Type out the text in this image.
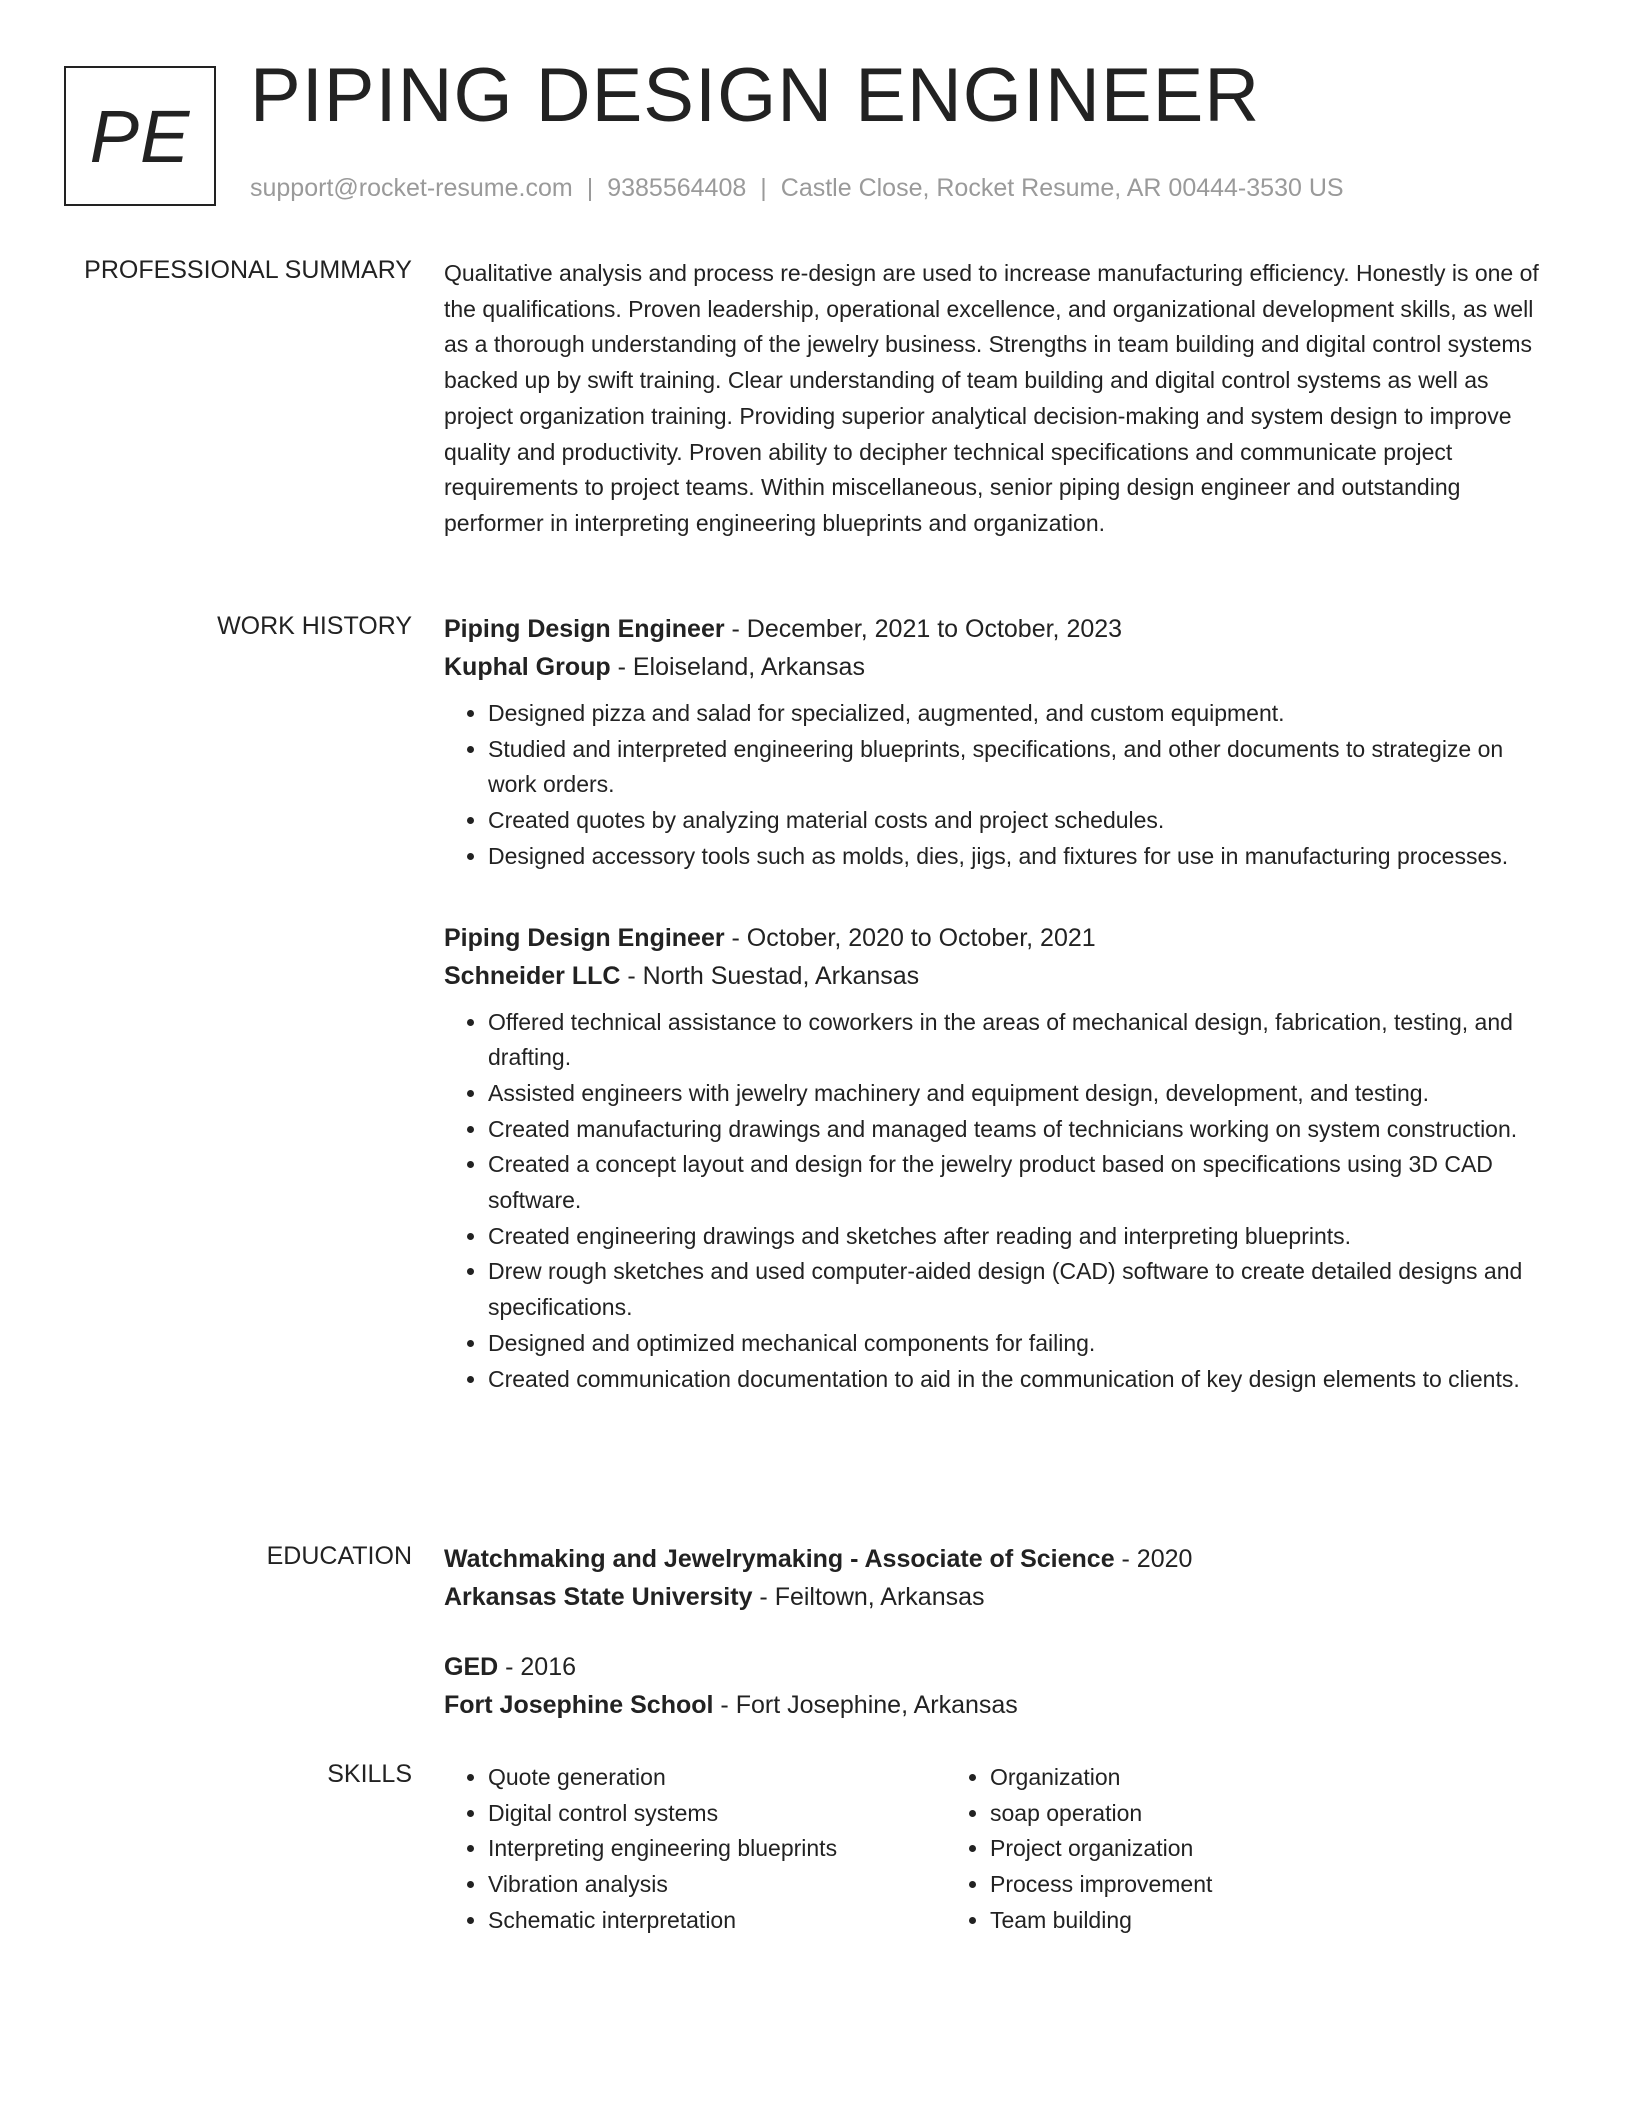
PE PIPING DESIGN ENGINEER
support@rocket-resume.com | 9385564408 | Castle Close, Rocket Resume, AR 00444-3530 US
PROFESSIONAL SUMMARY Qualitative analysis and process re-design are used to increase manufacturing efficiency. Honestly is one of the qualifications. Proven leadership, operational excellence, and organizational development skills, as well as a thorough understanding of the jewelry business. Strengths in team building and digital control systems backed up by swift training. Clear understanding of team building and digital control systems as well as project organization training. Providing superior analytical decision-making and system design to improve quality and productivity. Proven ability to decipher technical specifications and communicate project requirements to project teams. Within miscellaneous, senior piping design engineer and outstanding performer in interpreting engineering blueprints and organization.

WORK HISTORY Piping Design Engineer - December, 2021 to October, 2023

Kuphal Group - Eloiseland, Arkansas

• Designed pizza and salad for specialized, augmented, and custom equipment.
• Studied and interpreted engineering blueprints, specifications, and other documents to strategize on work orders.
• Created quotes by analyzing material costs and project schedules.
• Designed accessory tools such as molds, dies, jigs, and fixtures for use in manufacturing processes.

Piping Design Engineer - October, 2020 to October, 2021

Schneider LLC - North Suestad, Arkansas

• Offered technical assistance to coworkers in the areas of mechanical design, fabrication, testing, and drafting.
• Assisted engineers with jewelry machinery and equipment design, development, and testing.
• Created manufacturing drawings and managed teams of technicians working on system construction.
• Created a concept layout and design for the jewelry product based on specifications using 3D CAD software.
• Created engineering drawings and sketches after reading and interpreting blueprints.
• Drew rough sketches and used computer-aided design (CAD) software to create detailed designs and specifications.
• Designed and optimized mechanical components for failing.
• Created communication documentation to aid in the communication of key design elements to clients.
EDUCATION Watchmaking and Jewelrymaking - Associate of Science - 2020

Arkansas State University - Feiltown, Arkansas

GED - 2016

Fort Josephine School - Fort Josephine, Arkansas

SKILLS
•	Quote generation
• Digital control systems
• Interpreting engineering blueprints
• Vibration analysis
• Schematic interpretation
• Organization
• soap operation
• Project organization
• Process improvement
• Team building
